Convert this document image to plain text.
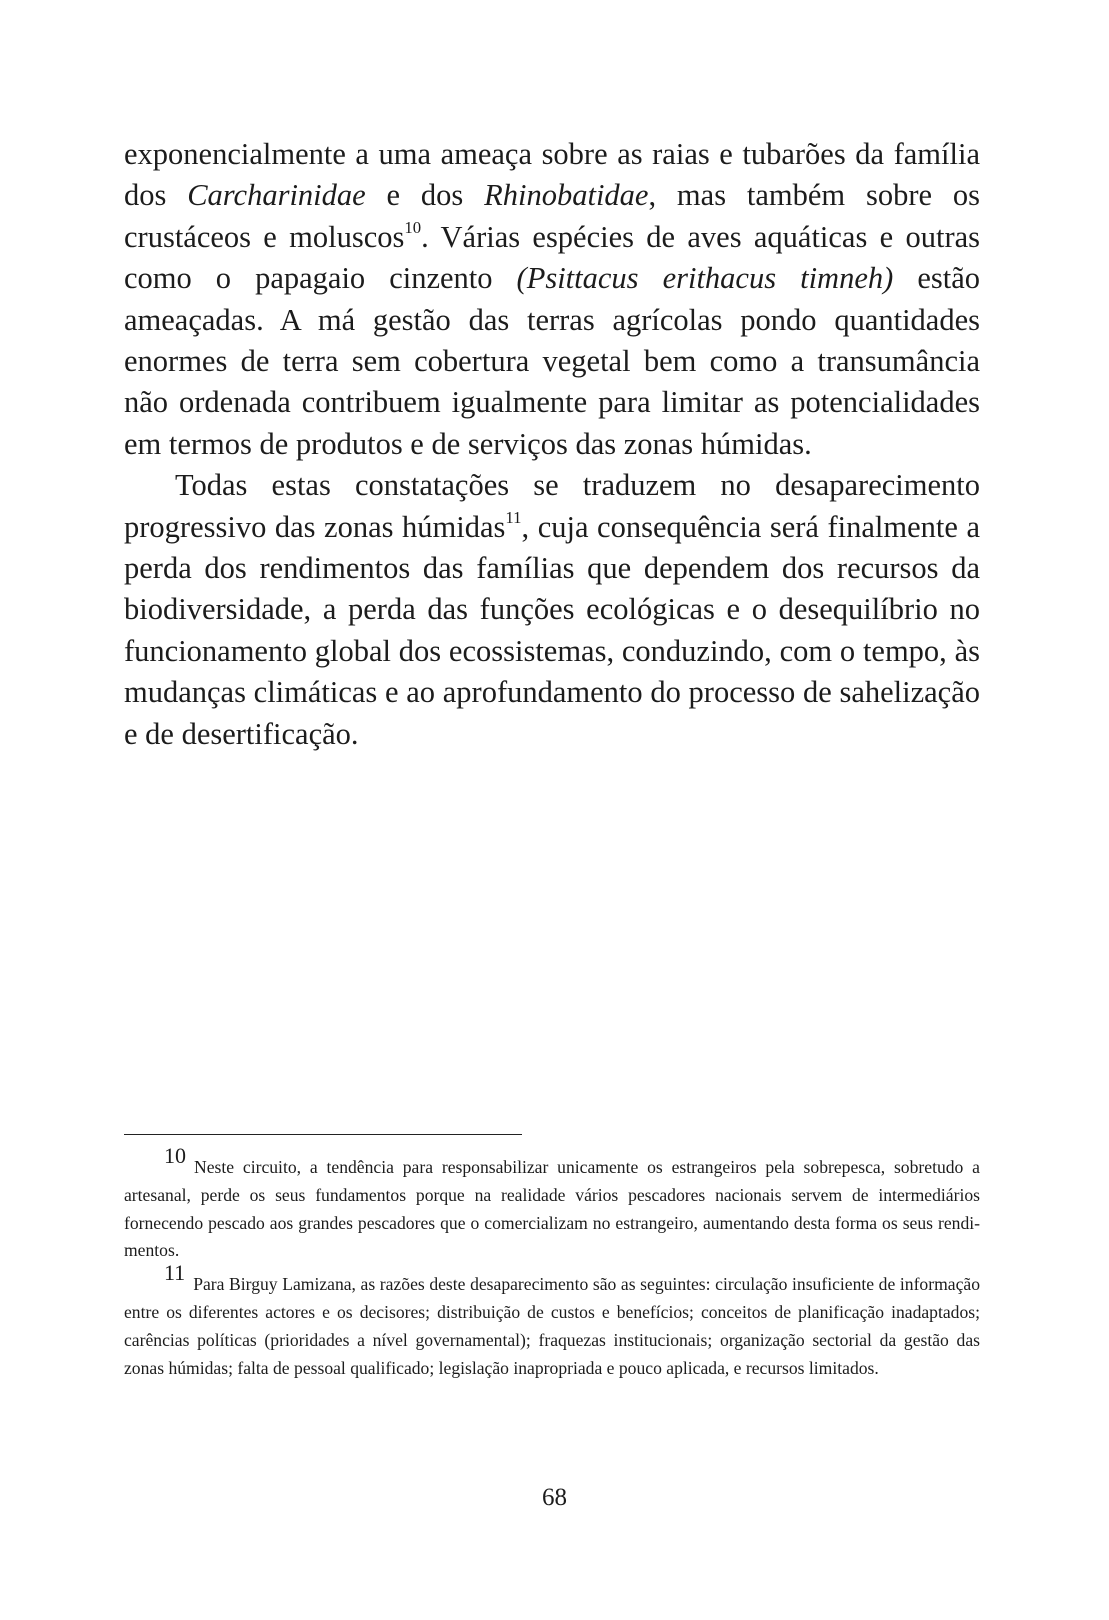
exponencialmente a uma ameaça sobre as raias e tubarões da família dos Carcharinidae e dos Rhinobatidae, mas também sobre os crustáceos e moluscos$^{10}$. Várias espécies de aves aquáticas e outras como o papagaio cinzento (Psittacus erithacus timneh) estão ameaçadas. A má gestão das terras agrícolas pondo quantidades enormes de terra sem cobertura vegetal bem como a transumância não ordenada contribuem igualmente para limitar as potencialidades em termos de produtos e de serviços das zonas húmidas.

Todas estas constatações se traduzem no desaparecimento progressivo das zonas húmidas$^{11}$, cuja consequência será finalmente a perda dos rendimentos das famílias que dependem dos recursos da biodiversidade, a perda das funções ecológicas e o desequilíbrio no funcionamento global dos ecossistemas, conduzindo, com o tempo, às mudanças climáticas e ao aprofundamento do processo de sahelização e de desertificação.

10 Neste circuito, a tendência para responsabilizar unicamente os estrangeiros pela sobrepesca, sobretudo a artesanal, perde os seus fundamentos porque na realidade vários pescadores nacionais servem de intermediários fornecendo pescado aos grandes pescadores que o comercializam no estrangeiro, aumentando desta forma os seus rendimentos.

11 Para Birguy Lamizana, as razões deste desaparecimento são as seguintes: circulação insuficiente de informação entre os diferentes actores e os decisores; distribuição de custos e benefícios; conceitos de planificação inadaptados; carências políticas (prioridades a nível governamental); fraquezas institucionais; organização sectorial da gestão das zonas húmidas; falta de pessoal qualificado; legislação inapropriada e pouco aplicada, e recursos limitados.

68
